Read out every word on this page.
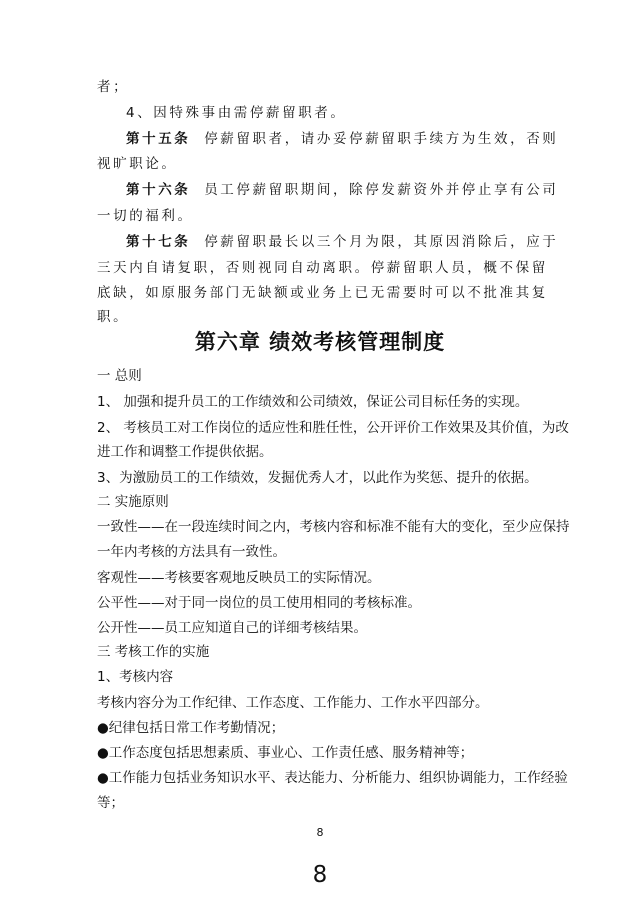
者；
4、因特殊事由需停薪留职者。
第十五条 停薪留职者，请办妥停薪留职手续方为生效，否则
视旷职论。
第十六条 员工停薪留职期间，除停发薪资外并停止享有公司
一切的福利。
第十七条 停薪留职最长以三个月为限，其原因消除后，应于
三天内自请复职，否则视同自动离职。停薪留职人员，概不保留
底缺，如原服务部门无缺额或业务上已无需要时可以不批准其复
职。
第六章 绩效考核管理制度
一 总则
1、 加强和提升员工的工作绩效和公司绩效，保证公司目标任务的实现。
2、 考核员工对工作岗位的适应性和胜任性，公开评价工作效果及其价值，为改
进工作和调整工作提供依据。
3、为激励员工的工作绩效，发掘优秀人才，以此作为奖惩、提升的依据。
二 实施原则
一致性——在一段连续时间之内，考核内容和标准不能有大的变化，至少应保持
一年内考核的方法具有一致性。
客观性——考核要客观地反映员工的实际情况。
公平性——对于同一岗位的员工使用相同的考核标准。
公开性——员工应知道自己的详细考核结果。
三 考核工作的实施
1、考核内容
考核内容分为工作纪律、工作态度、工作能力、工作水平四部分。
●纪律包括日常工作考勤情况；
●工作态度包括思想素质、事业心、工作责任感、服务精神等；
●工作能力包括业务知识水平、表达能力、分析能力、组织协调能力，工作经验
等；
8
8
